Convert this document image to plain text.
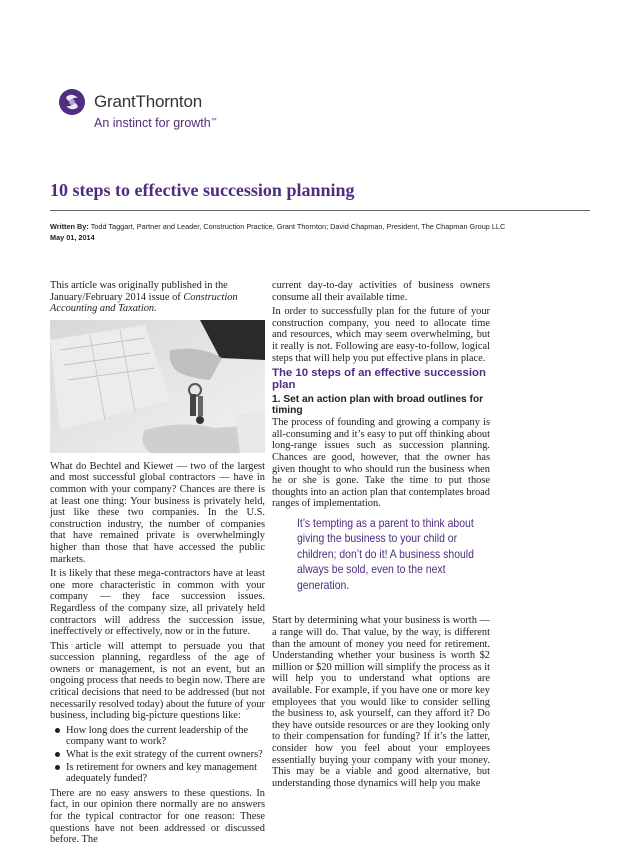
GrantThornton
An instinct for growth™
10 steps to effective succession planning
Written By: Todd Taggart, Partner and Leader, Construction Practice, Grant Thornton; David Chapman, President, The Chapman Group LLC
May 01, 2014

This article was originally published in the January/February 2014 issue of Construction Accounting and Taxation.

What do Bechtel and Kiewet — two of the largest and most successful global contractors — have in common with your company? Chances are there is at least one thing: Your business is privately held, just like these two companies. In the U.S. construction industry, the number of companies that have remained private is overwhelmingly higher than those that have accessed the public markets.

It is likely that these mega-contractors have at least one more characteristic in common with your company — they face succession issues. Regardless of the company size, all privately held contractors will address the succession issue, ineffectively or effectively, now or in the future.

This article will attempt to persuade you that succession planning, regardless of the age of owners or management, is not an event, but an ongoing process that needs to begin now. There are critical decisions that need to be addressed (but not necessarily resolved today) about the future of your business, including big-picture questions like:

How long does the current leadership of the company want to work?
What is the exit strategy of the current owners?
Is retirement for owners and key management adequately funded?

There are no easy answers to these questions. In fact, in our opinion there normally are no answers for the typical contractor for one reason: These questions have not been addressed or discussed before. The

current day-to-day activities of business owners consume all their available time.

In order to successfully plan for the future of your construction company, you need to allocate time and resources, which may seem overwhelming, but it really is not. Following are easy-to-follow, logical steps that will help you put effective plans in place.

The 10 steps of an effective succession plan
1. Set an action plan with broad outlines for timing

The process of founding and growing a company is all-consuming and it’s easy to put off thinking about long-range issues such as succession planning. Chances are good, however, that the owner has given thought to who should run the business when he or she is gone. Take the time to put those thoughts into an action plan that contemplates broad ranges of implementation.

It’s tempting as a parent to think about giving the business to your child or children; don’t do it! A business should always be sold, even to the next generation.

Start by determining what your business is worth — a range will do. That value, by the way, is different than the amount of money you need for retirement. Understanding whether your business is worth $2 million or $20 million will simplify the process as it will help you to understand what options are available. For example, if you have one or more key employees that you would like to consider selling the business to, ask yourself, can they afford it? Do they have outside resources or are they looking only to their compensation for funding? If it’s the latter, consider how you feel about your employees essentially buying your company with your money. This may be a viable and good alternative, but understanding those dynamics will help you make
